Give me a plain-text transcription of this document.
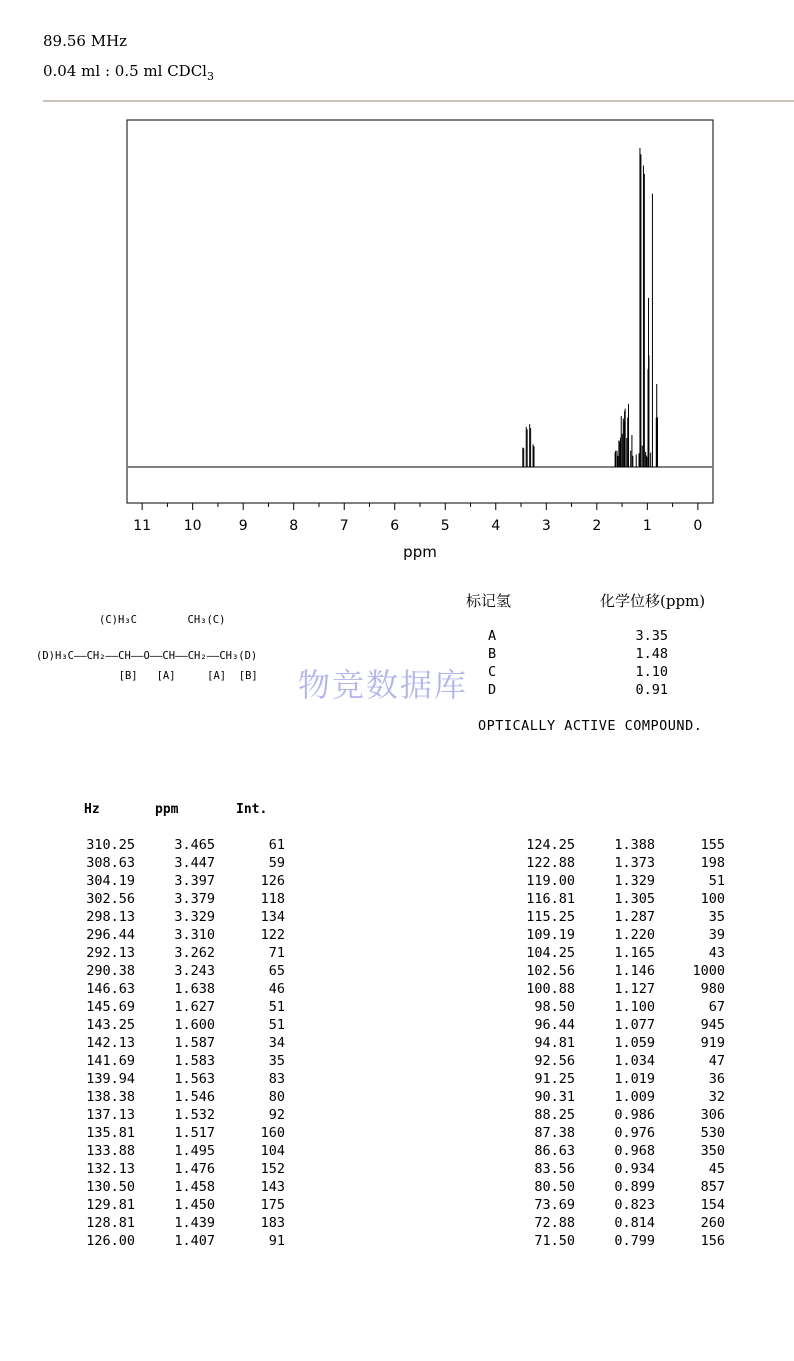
89.56 MHz
0.04 ml : 0.5 ml CDCl$_3$
11 10	9	8	7	6	5	4	3	2	1	0
ppm
(C)H₃C        CH₃(C)
(D)H₃C——CH₂——CH——O——CH——CH₂——CH₃(D)
[B]   [A]     [A]  [B]
标记氢	化学位移(ppm)
A	3.35
B	1.48
C	1.10
D	0.91
OPTICALLY ACTIVE COMPOUND.
物竞数据库
Hz	ppm	Int.
310.25	3.465	61
308.63	3.447	59
304.19	3.397	126
302.56	3.379	118
298.13	3.329	134
296.44	3.310	122
292.13	3.262	71
290.38	3.243	65
146.63	1.638	46
145.69	1.627	51
143.25	1.600	51
142.13	1.587	34
141.69	1.583	35
139.94	1.563	83
138.38	1.546	80
137.13	1.532	92
135.81	1.517	160
133.88	1.495	104
132.13	1.476	152
130.50	1.458	143
129.81	1.450	175
128.81	1.439	183
126.00	1.407	91
124.25	1.388	155
122.88	1.373	198
119.00	1.329	51
116.81	1.305	100
115.25	1.287	35
109.19	1.220	39
104.25	1.165	43
102.56	1.146	1000
100.88	1.127	980
98.50	1.100	67
96.44	1.077	945
94.81	1.059	919
92.56	1.034	47
91.25	1.019	36
90.31	1.009	32
88.25	0.986	306
87.38	0.976	530
86.63	0.968	350
83.56	0.934	45
80.50	0.899	857
73.69	0.823	154
72.88	0.814	260
71.50	0.799	156
